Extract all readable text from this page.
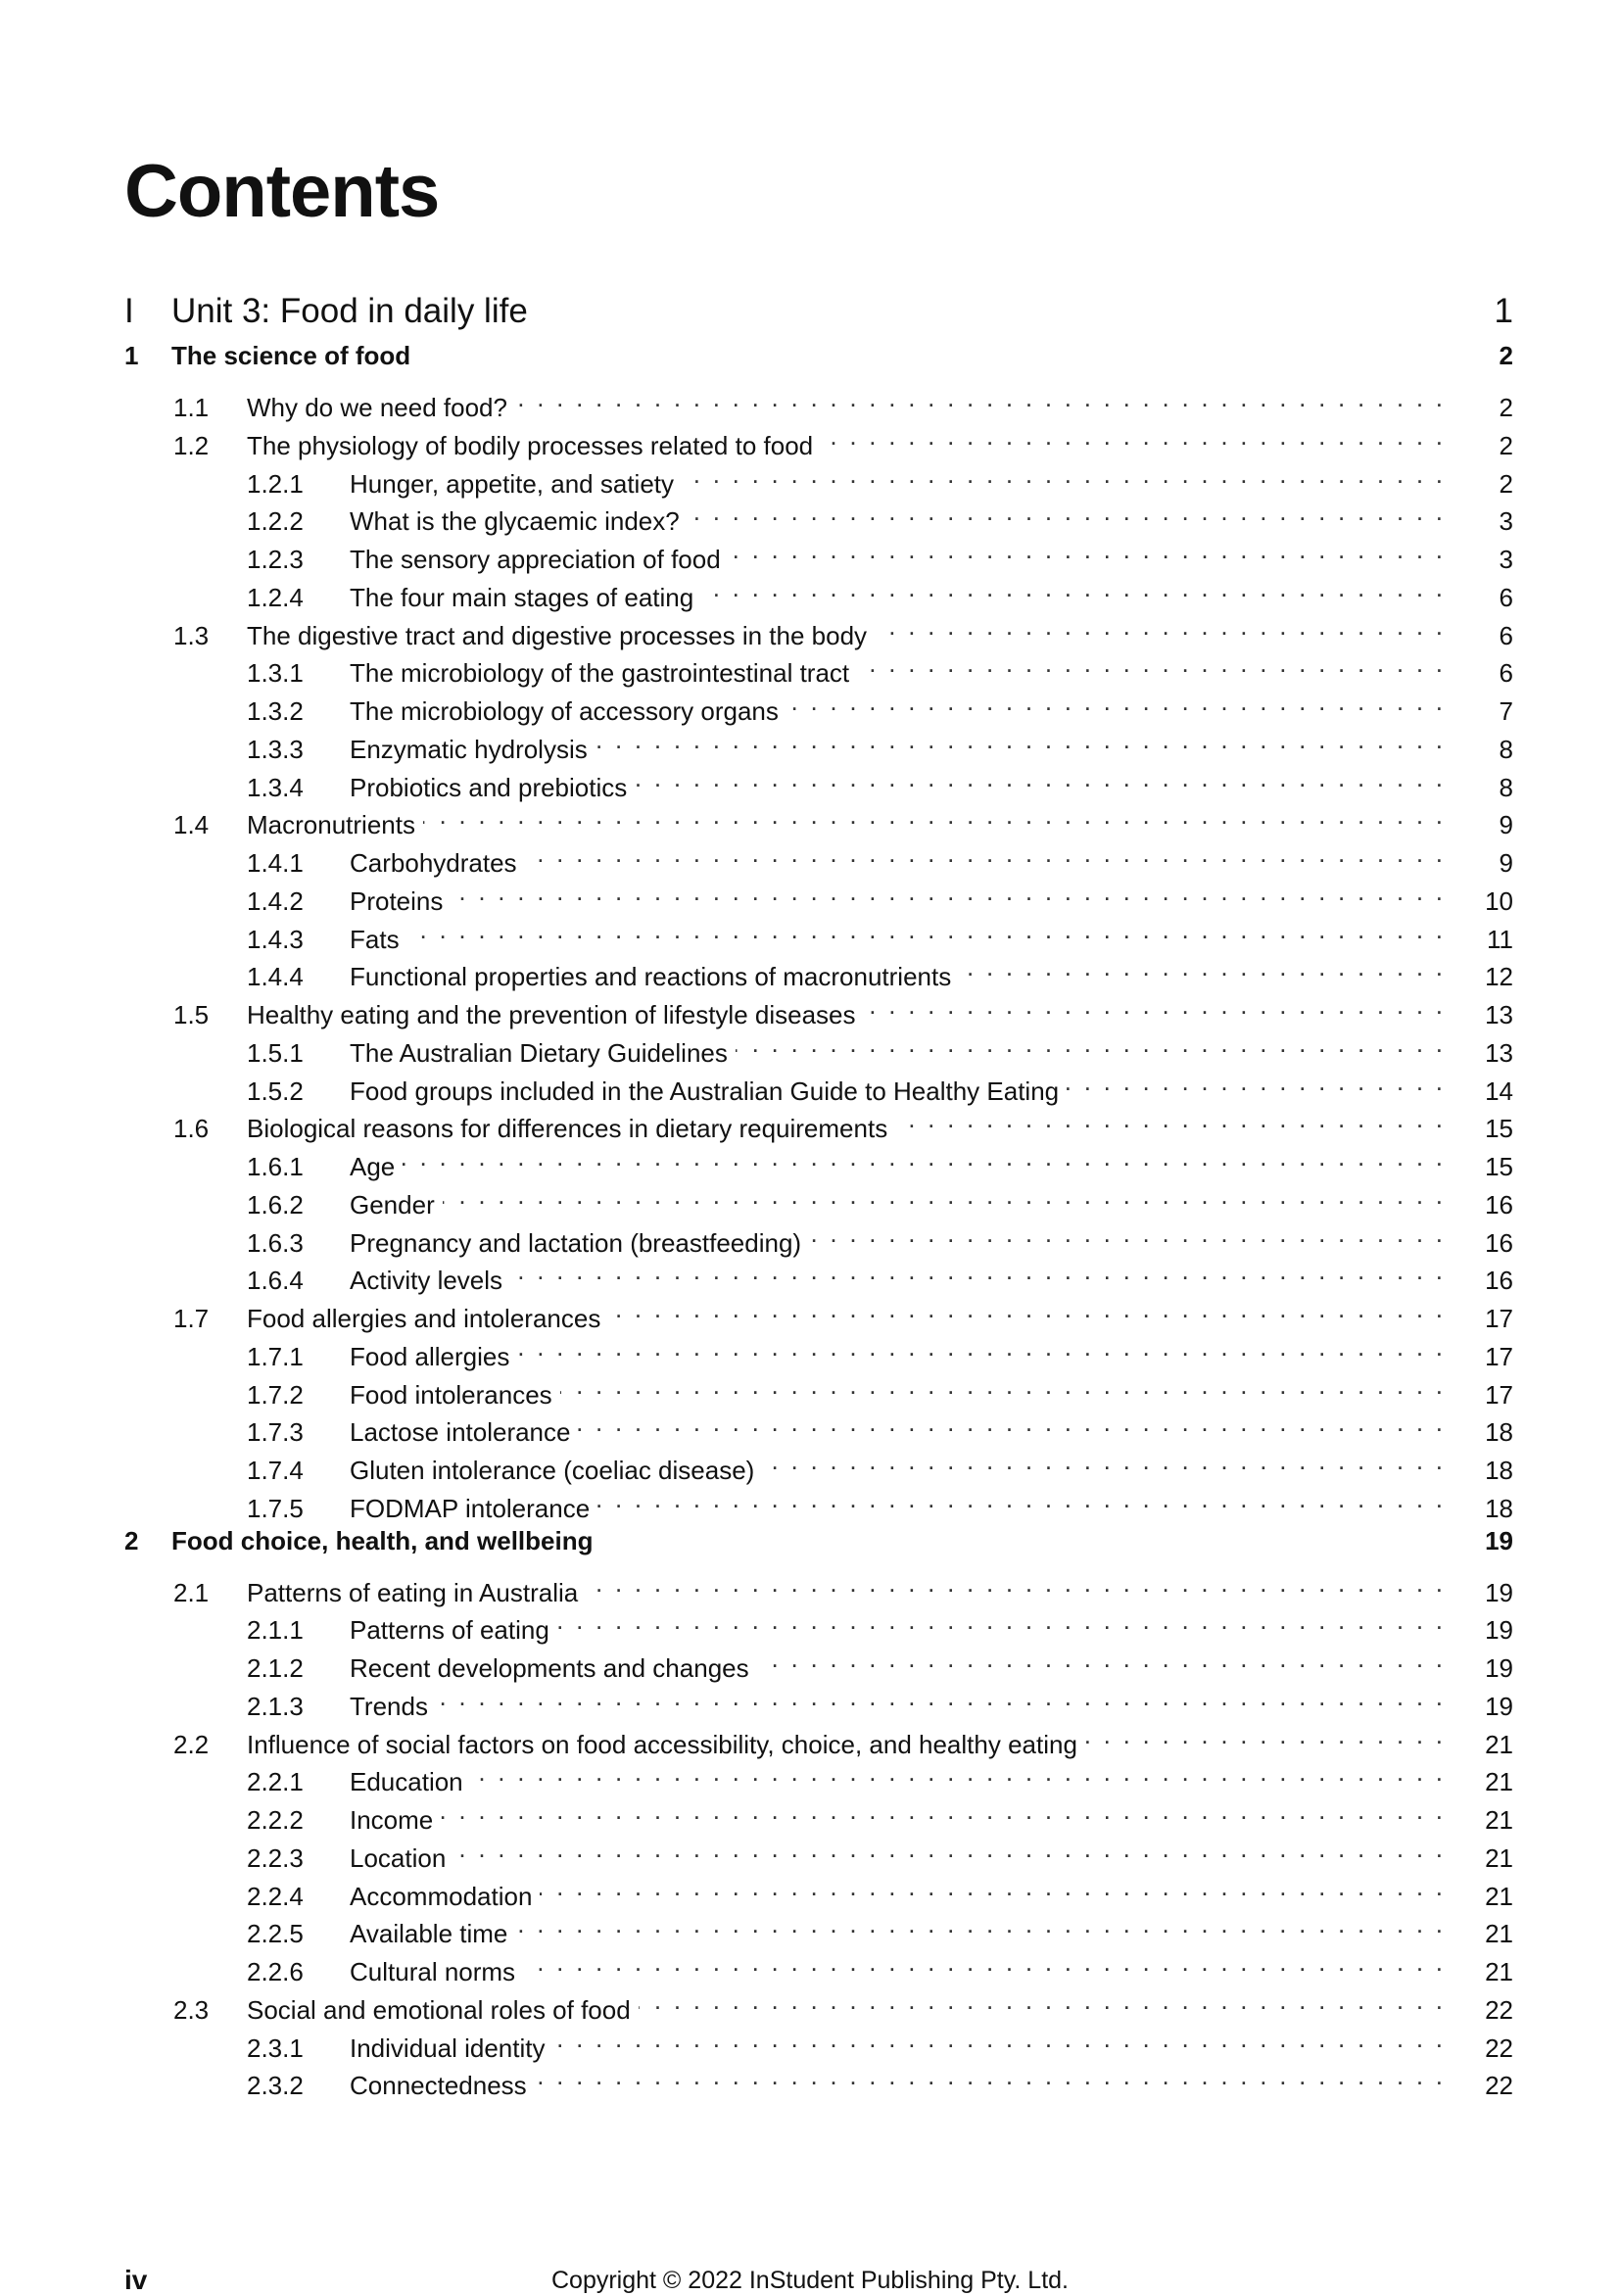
Contents
I	Unit 3: Food in daily life	1
1	The science of food	2
1.1	Why do we need food? . . .	2
1.2	The physiology of bodily processes related to food . . .	2
1.2.1	Hunger, appetite, and satiety . . .	2
1.2.2	What is the glycaemic index? . . .	3
1.2.3	The sensory appreciation of food . . .	3
1.2.4	The four main stages of eating . . .	6
1.3	The digestive tract and digestive processes in the body . . .	6
1.3.1	The microbiology of the gastrointestinal tract . . .	6
1.3.2	The microbiology of accessory organs . . .	7
1.3.3	Enzymatic hydrolysis . . .	8
1.3.4	Probiotics and prebiotics . . .	8
1.4	Macronutrients . . .	9
1.4.1	Carbohydrates . . .	9
1.4.2	Proteins . . .	10
1.4.3	Fats . . .	11
1.4.4	Functional properties and reactions of macronutrients . . .	12
1.5	Healthy eating and the prevention of lifestyle diseases . . .	13
1.5.1	The Australian Dietary Guidelines . . .	13
1.5.2	Food groups included in the Australian Guide to Healthy Eating . . .	14
1.6	Biological reasons for differences in dietary requirements . . .	15
1.6.1	Age . . .	15
1.6.2	Gender . . .	16
1.6.3	Pregnancy and lactation (breastfeeding) . . .	16
1.6.4	Activity levels . . .	16
1.7	Food allergies and intolerances . . .	17
1.7.1	Food allergies . . .	17
1.7.2	Food intolerances . . .	17
1.7.3	Lactose intolerance . . .	18
1.7.4	Gluten intolerance (coeliac disease) . . .	18
1.7.5	FODMAP intolerance . . .	18
2	Food choice, health, and wellbeing	19
2.1	Patterns of eating in Australia . . .	19
2.1.1	Patterns of eating . . .	19
2.1.2	Recent developments and changes . . .	19
2.1.3	Trends . . .	19
2.2	Influence of social factors on food accessibility, choice, and healthy eating . . .	21
2.2.1	Education . . .	21
2.2.2	Income . . .	21
2.2.3	Location . . .	21
2.2.4	Accommodation . . .	21
2.2.5	Available time . . .	21
2.2.6	Cultural norms . . .	21
2.3	Social and emotional roles of food . . .	22
2.3.1	Individual identity . . .	22
2.3.2	Connectedness . . .	22
iv	Copyright © 2022 InStudent Publishing Pty. Ltd.
